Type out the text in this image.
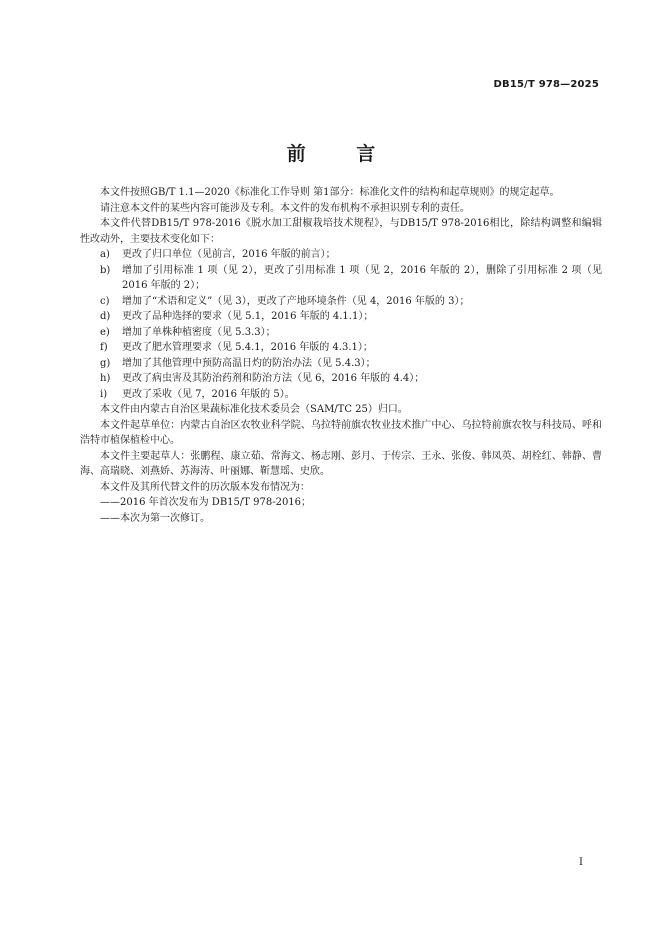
DB15/T 978—2025
前 言

本文件按照GB/T 1.1—2020《标准化工作导则 第1部分：标准化文件的结构和起草规则》的规定起草。

请注意本文件的某些内容可能涉及专利。本文件的发布机构不承担识别专利的责任。

本文件代替DB15/T 978-2016《脱水加工甜椒栽培技术规程》，与DB15/T 978-2016相比，除结构调整和编辑性改动外，主要技术变化如下：

a) 更改了归口单位（见前言，2016 年版的前言）；
b) 增加了引用标准 1 项（见 2），更改了引用标准 1 项（见 2，2016 年版的 2），删除了引用标准 2 项（见 2016 年版的 2）；
c) 增加了“术语和定义”（见 3），更改了产地环境条件（见 4，2016 年版的 3）；
d) 更改了品种选择的要求（见 5.1，2016 年版的 4.1.1）；
e) 增加了单株种植密度（见 5.3.3）；
f) 更改了肥水管理要求（见 5.4.1，2016 年版的 4.3.1）；
g) 增加了其他管理中预防高温日灼的防治办法（见 5.4.3）；
h) 更改了病虫害及其防治药剂和防治方法（见 6，2016 年版的 4.4）；
i) 更改了采收（见 7，2016 年版的 5）。

本文件由内蒙古自治区果蔬标准化技术委员会（SAM/TC 25）归口。

本文件起草单位：内蒙古自治区农牧业科学院、乌拉特前旗农牧业技术推广中心、乌拉特前旗农牧与科技局、呼和浩特市植保植检中心。

本文件主要起草人：张鹏程、康立茹、常海文、杨志刚、彭月、于传宗、王永、张俊、韩凤英、胡栓红、韩静、曹海、高瑞晓、刘燕娇、苏海涛、叶丽娜、靳慧瑶、史欣。

本文件及其所代替文件的历次版本发布情况为：

——2016 年首次发布为 DB15/T 978-2016；

——本次为第一次修订。

I
